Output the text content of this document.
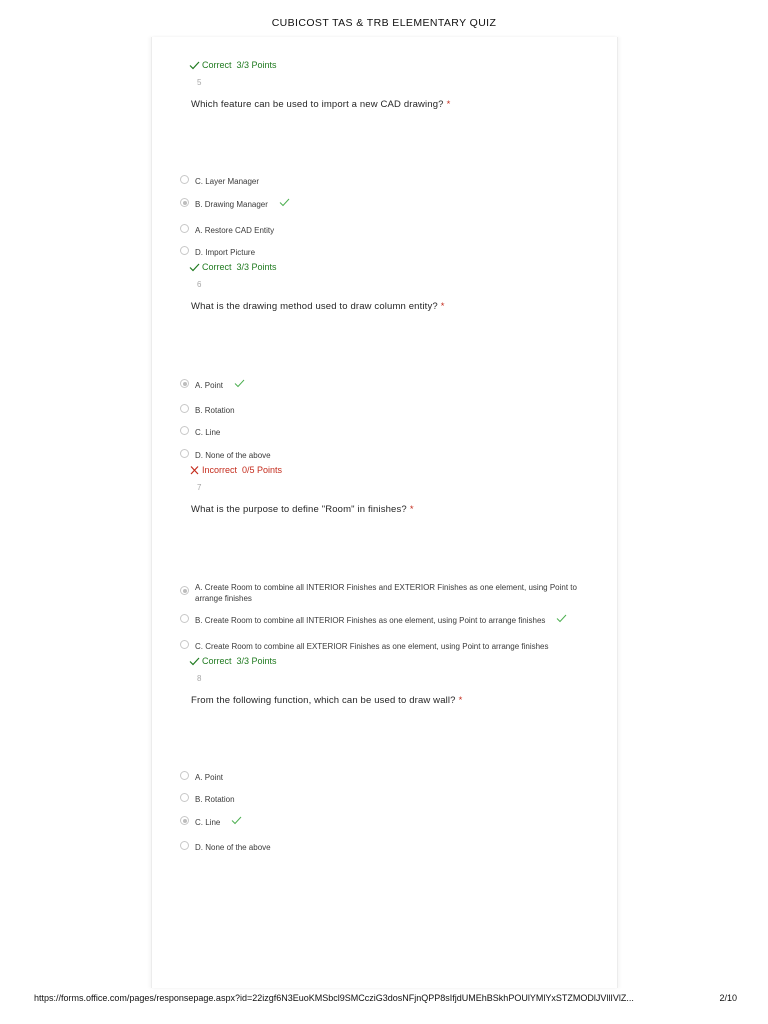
CUBICOST TAS & TRB ELEMENTARY QUIZ
Correct
3/3 Points
5
Which feature can be used to import a new CAD drawing? *
C. Layer Manager
B. Drawing Manager
A. Restore CAD Entity
D. Import Picture
Correct
3/3 Points
6
What is the drawing method used to draw column entity? *
A. Point
B. Rotation
C. Line
D. None of the above
Incorrect
0/5 Points
7
What is the purpose to define "Room" in finishes? *
A. Create Room to combine all INTERIOR Finishes and EXTERIOR Finishes as one element, using Point to arrange finishes
B. Create Room to combine all INTERIOR Finishes as one element, using Point to arrange finishes
C. Create Room to combine all EXTERIOR Finishes as one element, using Point to arrange finishes
Correct
3/3 Points
8
From the following function, which can be used to draw wall? *
A. Point
B. Rotation
C. Line
D. None of the above
https://forms.office.com/pages/responsepage.aspx?id=22izgf6N3EuoKMSbcl9SMCcziG3dosNFjnQPP8sIfjdUMEhBSkhPOUlYMlYxSTZMODlJVllIVlZ...	2/10
